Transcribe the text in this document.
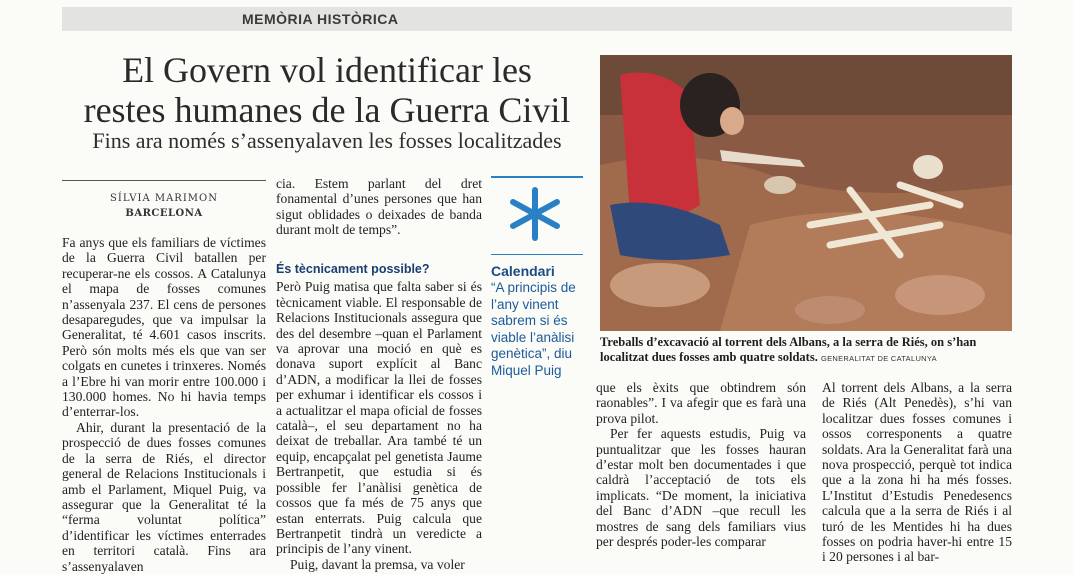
MEMÒRIA HISTÒRICA
El Govern vol identificar les
restes humanes de la Guerra Civil
Fins ara només s’assenyalaven les fosses localitzades
SÍLVIA MARIMON
BARCELONA

Fa anys que els familiars de víctimes de la Guerra Civil batallen per recuperar-ne els cossos. A Catalunya el mapa de fosses comunes n’assenyala 237. El cens de persones desaparegudes, que va impulsar la Generalitat, té 4.601 casos inscrits. Però són molts més els que van ser colgats en cunetes i trinxeres. Només a l’Ebre hi van morir entre 100.000 i 130.000 homes. No hi havia temps d’enterrar-los.

Ahir, durant la presentació de la prospecció de dues fosses comunes de la serra de Riés, el director general de Relacions Institucionals i amb el Parlament, Miquel Puig, va assegurar que la Generalitat té la “ferma voluntat política” d’identificar les víctimes enterrades en territori català. Fins ara s’assenyalaven

cia. Estem parlant del dret fonamental d’unes persones que han sigut oblidades o deixades de banda durant molt de temps”.

És tècnicament possible?

Però Puig matisa que falta saber si és tècnicament viable. El responsable de Relacions Institucionals assegura que des del desembre –quan el Parlament va aprovar una moció en què es donava suport explícit al Banc d’ADN, a modificar la llei de fosses per exhumar i identificar els cossos i a actualitzar el mapa oficial de fosses català–, el seu departament no ha deixat de treballar. Ara també té un equip, encapçalat pel genetista Jaume Bertranpetit, que estudia si és possible fer l’anàlisi genètica de cossos que fa més de 75 anys que estan enterrats. Puig calcula que Bertranpetit tindrà un veredicte a principis de l’any vinent.

Puig, davant la premsa, va voler

Calendari
“A principis de l’any vinent sabrem si és viable l’anàlisi genètica”, diu Miquel Puig
Treballs d’excavació al torrent dels Albans, a la serra de Riés, on s’han localitzat dues fosses amb quatre soldats. GENERALITAT DE CATALUNYA

que els èxits que obtindrem són raonables”. I va afegir que es farà una prova pilot.

Per fer aquests estudis, Puig va puntualitzar que les fosses hauran d’estar molt ben documentades i que caldrà l’acceptació de tots els implicats. “De moment, la iniciativa del Banc d’ADN –que recull les mostres de sang dels familiars vius per després poder-les comparar

Al torrent dels Albans, a la serra de Riés (Alt Penedès), s’hi van localitzar dues fosses comunes i ossos corresponents a quatre soldats. Ara la Generalitat farà una nova prospecció, perquè tot indica que a la zona hi ha més fosses. L’Institut d’Estudis Penedesencs calcula que a la serra de Riés i al turó de les Mentides hi ha dues fosses on podria haver-hi entre 15 i 20 persones i al bar-
